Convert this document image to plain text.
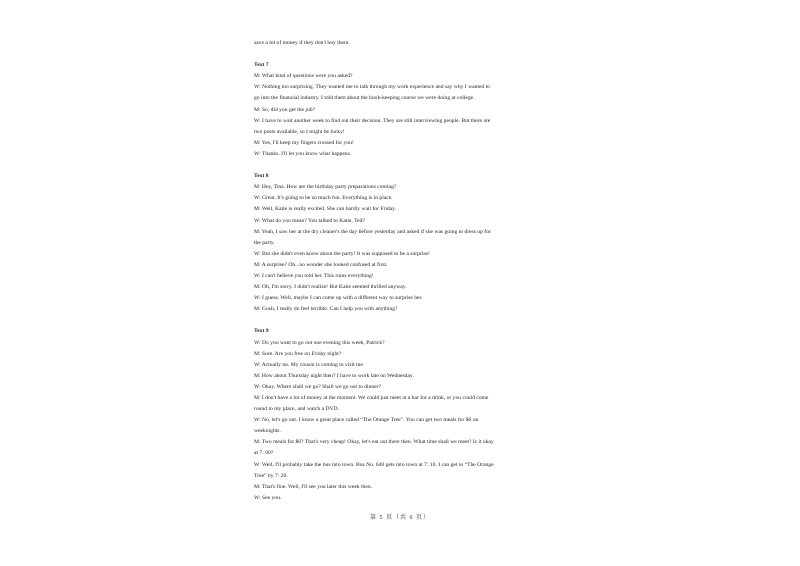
save a lot of money if they don't buy them.
Text 7
M: What kind of questions were you asked?
W: Nothing too surprising. They wanted me to talk through my work experience and say why I wanted to
go into the financial industry. I told them about the book-keeping course we were doing at college.
M: So, did you get the job?
W: I have to wait another week to find out their decision. They are still interviewing people. But there are
two posts available, so I might be lucky!
M: Yes, I'll keep my fingers crossed for you!
W: Thanks. I'll let you know what happens.
Text 8
M: Hey, Tina. How are the birthday party preparations coming?
W: Great. It's going to be so much fun. Everything is in place.
M: Well, Katie is really excited. She can hardly wait for Friday.
W: What do you mean? You talked to Katie, Ted?
M: Yeah, I saw her at the dry cleaner's the day before yesterday and asked if she was going to dress up for
the party.
W: But she didn't even know about the party! It was supposed to be a surprise!
M: A surprise? Oh...no wonder she looked confused at first.
W: I can't believe you told her. This ruins everything!
M: Oh, I'm sorry. I didn't realize! But Katie seemed thrilled anyway.
W: I guess. Well, maybe I can come up with a different way to surprise her.
M: Gosh, I really do feel terrible. Can I help you with anything?
Text 9
W: Do you want to go out one evening this week, Patrick?
M: Sure. Are you free on Friday night?
W: Actually no. My cousin is coming to visit me.
M: How about Thursday night then? I have to work late on Wednesday.
W: Okay. Where shall we go? Shall we go out to dinner?
M: I don't have a lot of money at the moment. We could just meet at a bar for a drink, or you could come
round to my place, and watch a DVD.
W: No, let's go out. I know a great place called “The Orange Tree”. You can get two meals for $6 on
weeknights.
M: Two meals for $6? That's very cheap! Okay, let's eat out there then. What time shall we meet? Is it okay
at 7: 00?
W: Well, I'll probably take the bus into town. Bus No. 640 gets into town at 7: 10. I can get to “The Orange
Tree” by 7: 20.
M: That's fine. Well, I'll see you later this week then.
W: See you.
第 5 页（共 6 页）
